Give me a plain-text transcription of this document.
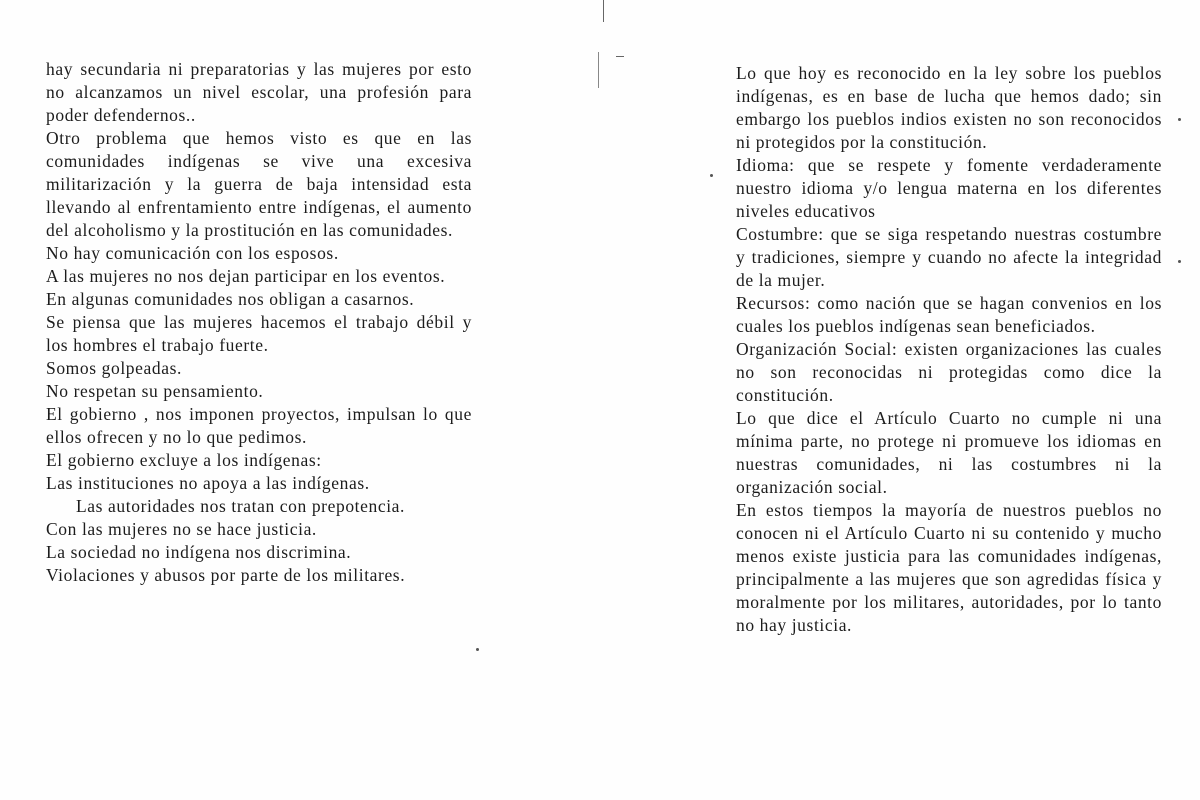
hay secundaria ni preparatorias y las mujeres por esto no alcanzamos un nivel escolar, una profesión para poder defendernos..

Otro problema que hemos visto es que en las comunidades indígenas se vive una excesiva militarización y la guerra de baja intensidad esta llevando al enfrentamiento entre indígenas, el aumento del alcoholismo y la prostitución en las comunidades.

No hay comunicación con los esposos.

A las mujeres no nos dejan participar en los eventos.

En algunas comunidades nos obligan a casarnos.

Se piensa que las mujeres hacemos el trabajo débil y los hombres el trabajo fuerte.

Somos golpeadas.

No respetan su pensamiento.

El gobierno , nos imponen proyectos, impulsan lo que ellos ofrecen y no lo que pedimos.

El gobierno excluye a los indígenas:

Las instituciones no apoya a las indígenas.

Las autoridades nos tratan con prepotencia.

Con las mujeres no se hace justicia.

La sociedad no indígena nos discrimina.

Violaciones y abusos por parte de los militares.

Lo que hoy es reconocido en la ley sobre los pueblos indígenas, es en base de lucha que hemos dado; sin embargo los pueblos indios existen no son reconocidos ni protegidos por la constitución.

Idioma: que se respete y fomente verdaderamente nuestro idioma y/o lengua materna en los diferentes niveles educativos

Costumbre: que se siga respetando nuestras costumbre y tradiciones, siempre y cuando no afecte la integridad de la mujer.

Recursos: como nación que se hagan convenios en los cuales los pueblos indígenas sean beneficiados.

Organización Social: existen organizaciones las cuales no son reconocidas ni protegidas como dice la constitución.

Lo que dice el Artículo Cuarto no cumple ni una mínima parte, no protege ni promueve los idiomas en nuestras comunidades, ni las costumbres ni la organización social.

En estos tiempos la mayoría de nuestros pueblos no conocen ni el Artículo Cuarto ni su contenido y mucho menos existe justicia para las comunidades indígenas, principalmente a las mujeres que son agredidas física y moralmente por los militares, autoridades, por lo tanto no hay justicia.
